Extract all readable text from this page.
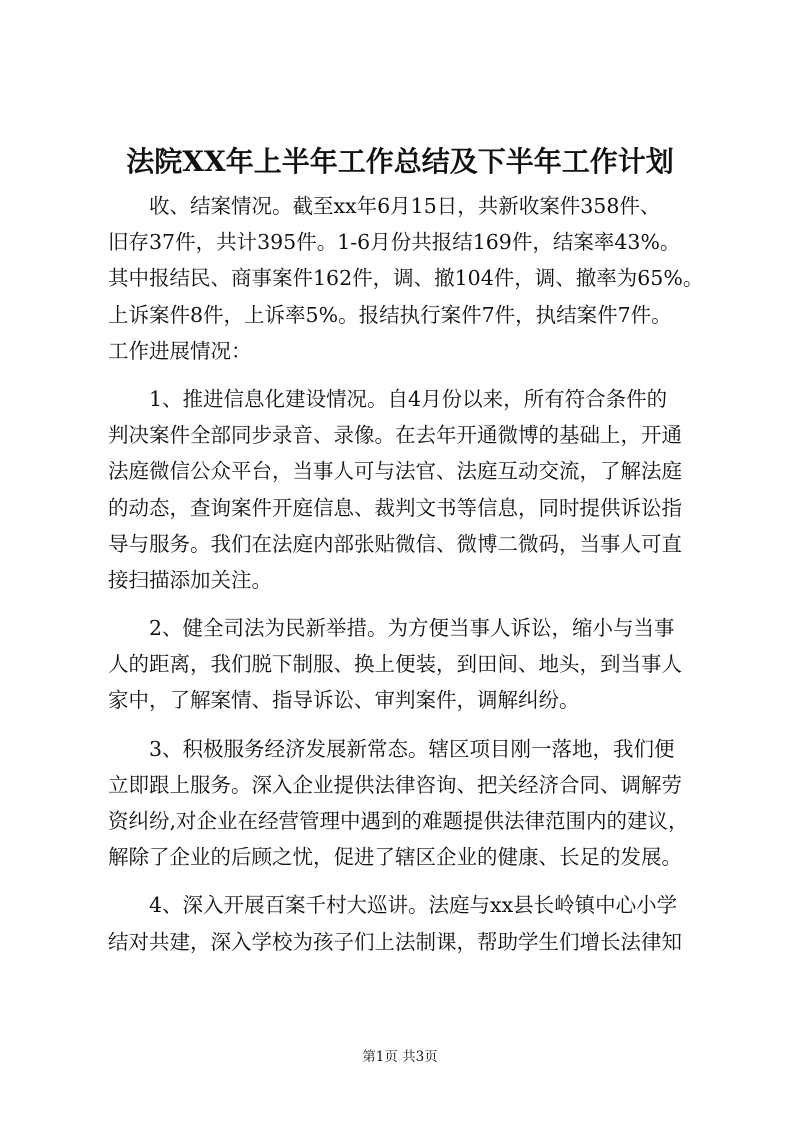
法院XX年上半年工作总结及下半年工作计划
收、结案情况。截至xx年6月15日，共新收案件358件、
旧存37件，共计395件。1-6月份共报结169件，结案率43%。
其中报结民、商事案件162件，调、撤104件，调、撤率为65%。
上诉案件8件，上诉率5%。报结执行案件7件，执结案件7件。
工作进展情况：
1、推进信息化建设情况。自4月份以来，所有符合条件的
判决案件全部同步录音、录像。在去年开通微博的基础上，开通
法庭微信公众平台，当事人可与法官、法庭互动交流，了解法庭
的动态，查询案件开庭信息、裁判文书等信息，同时提供诉讼指
导与服务。我们在法庭内部张贴微信、微博二微码，当事人可直
接扫描添加关注。
2、健全司法为民新举措。为方便当事人诉讼，缩小与当事
人的距离，我们脱下制服、换上便装，到田间、地头，到当事人
家中，了解案情、指导诉讼、审判案件，调解纠纷。
3、积极服务经济发展新常态。辖区项目刚一落地，我们便
立即跟上服务。深入企业提供法律咨询、把关经济合同、调解劳
资纠纷,对企业在经营管理中遇到的难题提供法律范围内的建议，
解除了企业的后顾之忧，促进了辖区企业的健康、长足的发展。
4、深入开展百案千村大巡讲。法庭与xx县长岭镇中心小学
结对共建，深入学校为孩子们上法制课，帮助学生们增长法律知
第1页 共3页
